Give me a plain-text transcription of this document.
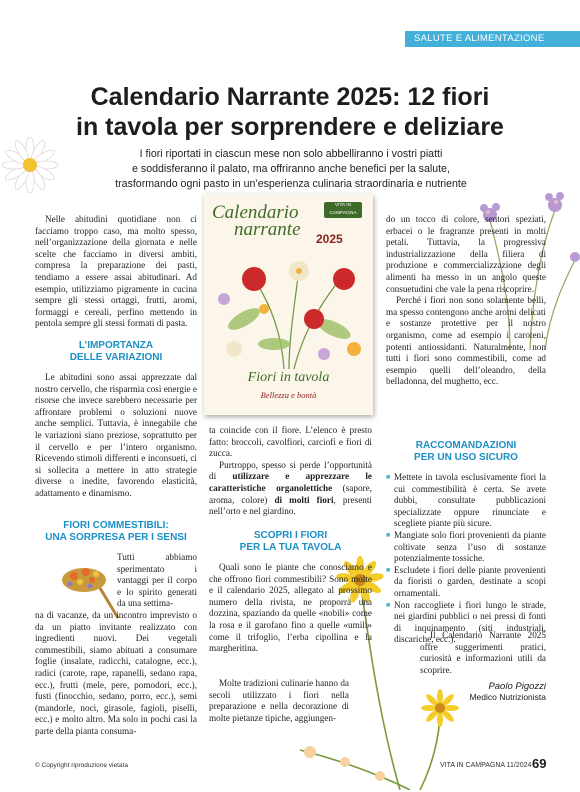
SALUTE E ALIMENTAZIONE
Calendario Narrante 2025: 12 fiori
in tavola per sorprendere e deliziare
I fiori riportati in ciascun mese non solo abbelliranno i vostri piatti
e soddisferanno il palato, ma offriranno anche benefici per la salute,
trasformando ogni pasto in un’esperienza culinaria straordinaria e nutriente
Calendario
narrante 2025
VITA IN CAMPAGNA
Fiori in tavola
Bellezza e bontà

Nelle abitudini quotidiane non ci facciamo troppo caso, ma molto spesso, nell’organizzazione della giornata e nelle scelte che facciamo in diversi ambiti, compresa la preparazione dei pasti, tendiamo a essere assai abitudinari. Ad esempio, utilizziamo pigramente in cucina sempre gli stessi ortaggi, frutti, aromi, formaggi e cereali, perfino mettendo in pentola sempre gli stessi formati di pasta.

L’IMPORTANZA
DELLE VARIAZIONI

Le abitudini sono assai apprezzate dal nostro cervello, che risparmia così energie e risorse che invece sarebbero necessarie per affrontare problemi o soluzioni nuove anche semplici. Tuttavia, è innegabile che le variazioni siano preziose, soprattutto per il cervello e per l’intero organismo. Ricevendo stimoli differenti e inconsueti, ci si sollecita a mettere in atto strategie diverse o inedite, favorendo elasticità, adattamento e dinamismo.

FIORI COMMESTIBILI:
UNA SORPRESA PER I SENSI

Tutti abbiamo sperimentato i vantaggi per il corpo e lo spirito generati da una settima-

na di vacanze, da un incontro imprevisto o da un piatto invitante realizzato con ingredienti nuovi. Dei vegetali commestibili, siamo abituati a consumare foglie (insalate, radicchi, catalogne, ecc.), radici (carote, rape, rapanelli, sedano rapa, ecc.), frutti (mele, pere, pomodori, ecc.), fusti (finocchio, sedano, porro, ecc.), semi (mandorle, noci, girasole, fagioli, piselli, ecc.) e molto altro. Ma solo in pochi casi la parte della pianta consuma-

ta coincide con il fiore. L’elenco è presto fatto: broccoli, cavolfiori, carciofi e fiori di zucca.

Purtroppo, spesso si perde l’opportunità di utilizzare e apprezzare le caratteristiche organolettiche (sapore, aroma, colore) di molti fiori, presenti nell’orto e nel giardino.

SCOPRI I FIORI
PER LA TUA TAVOLA

Quali sono le piante che conosciamo e che offrono fiori commestibili? Sono molte e il calendario 2025, allegato al prossimo numero della rivista, ne proporrà una dozzina, spaziando da quelle «nobili» come la rosa e il garofano fino a quelle «umili» come il trifoglio, l’erba cipollina e la margheritina.

Molte tradizioni culinarie hanno da secoli utilizzato i fiori nella preparazione e nella decorazione di molte pietanze tipiche, aggiungen-

do un tocco di colore, sentori speziati, erbacei o le fragranze presenti in molti petali. Tuttavia, la progressiva industrializzazione della filiera di produzione e commercializzazione degli alimenti ha messo in un angolo queste consuetudini che vale la pena riscoprire.

Perché i fiori non sono solamente belli, ma spesso contengono anche aromi delicati e sostanze protettive per il nostro organismo, come ad esempio i caroteni, potenti antiossidanti. Naturalmente, non tutti i fiori sono commestibili, come ad esempio quelli dell’oleandro, della belladonna, del mughetto, ecc.

RACCOMANDAZIONI
PER UN USO SICURO
■ Mettete in tavola esclusivamente fiori la cui commestibilità è certa. Se avete dubbi, consultate pubblicazioni specializzate oppure rinunciate e scegliete piante più sicure.
■ Mangiate solo fiori provenienti da piante coltivate senza l’uso di sostanze potenzialmente tossiche.
■ Escludete i fiori delle piante provenienti da fioristi o garden, destinate a scopi ornamentali.
■ Non raccogliete i fiori lungo le strade, nei giardini pubblici o nei pressi di fonti di inquinamento (siti industriali, discariche, ecc.).

Il Calendario Narrante 2025 offre suggerimenti pratici, curiosità e informazioni utili da scoprire.

Paolo Pigozzi
Medico Nutrizionista
© Copyright riproduzione vietata	VITA IN CAMPAGNA 11/2024 69
